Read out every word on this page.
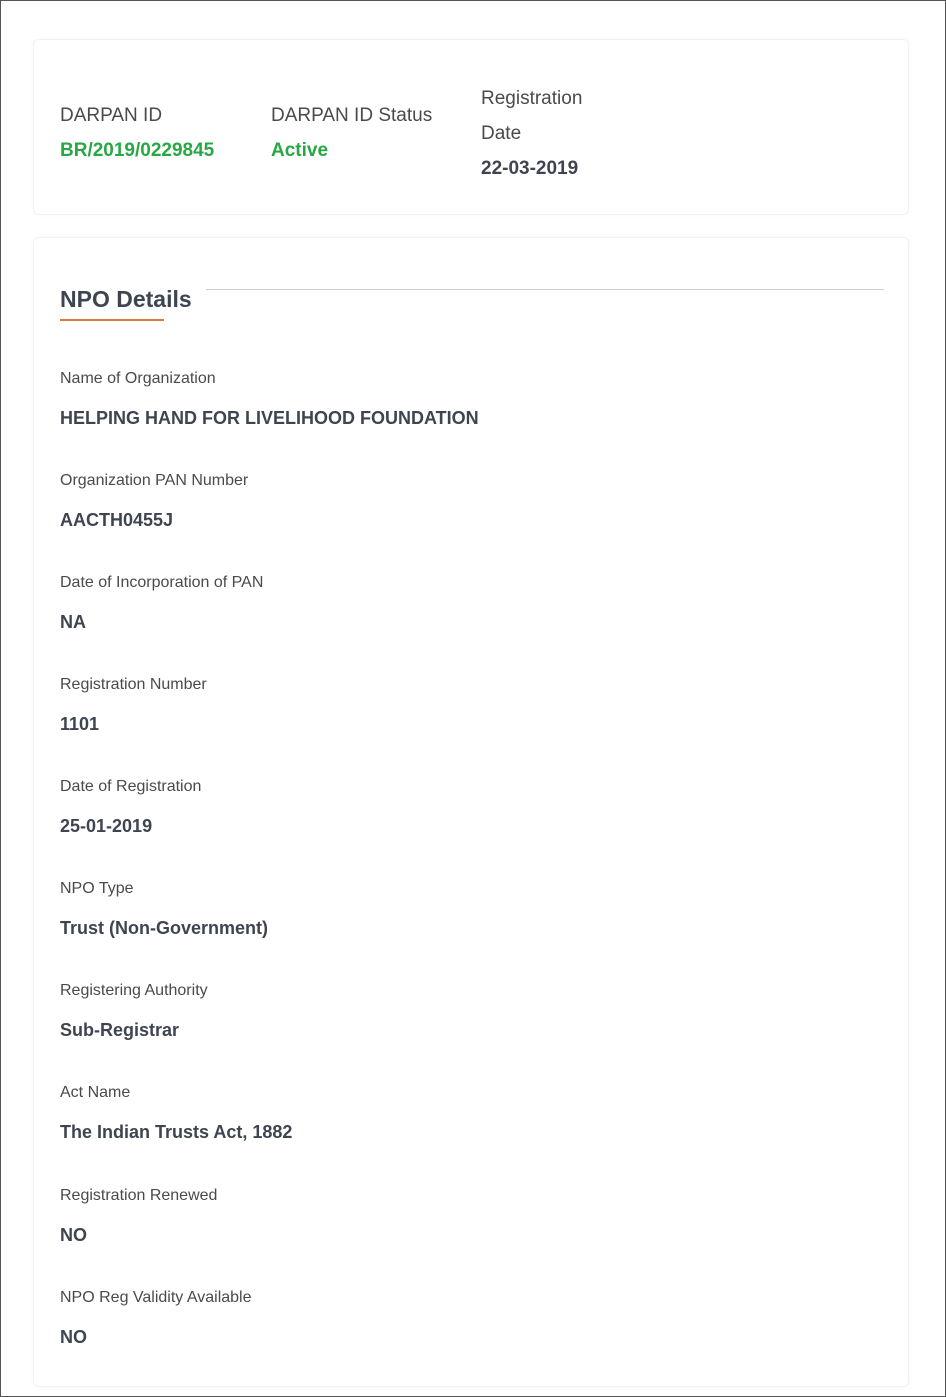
DARPAN ID
BR/2019/0229845
DARPAN ID Status
Active
Registration
Date
22-03-2019
NPO Details
Name of Organization
HELPING HAND FOR LIVELIHOOD FOUNDATION
Organization PAN Number
AACTH0455J
Date of Incorporation of PAN
NA
Registration Number
1101
Date of Registration
25-01-2019
NPO Type
Trust (Non-Government)
Registering Authority
Sub-Registrar
Act Name
The Indian Trusts Act, 1882
Registration Renewed
NO
NPO Reg Validity Available
NO
